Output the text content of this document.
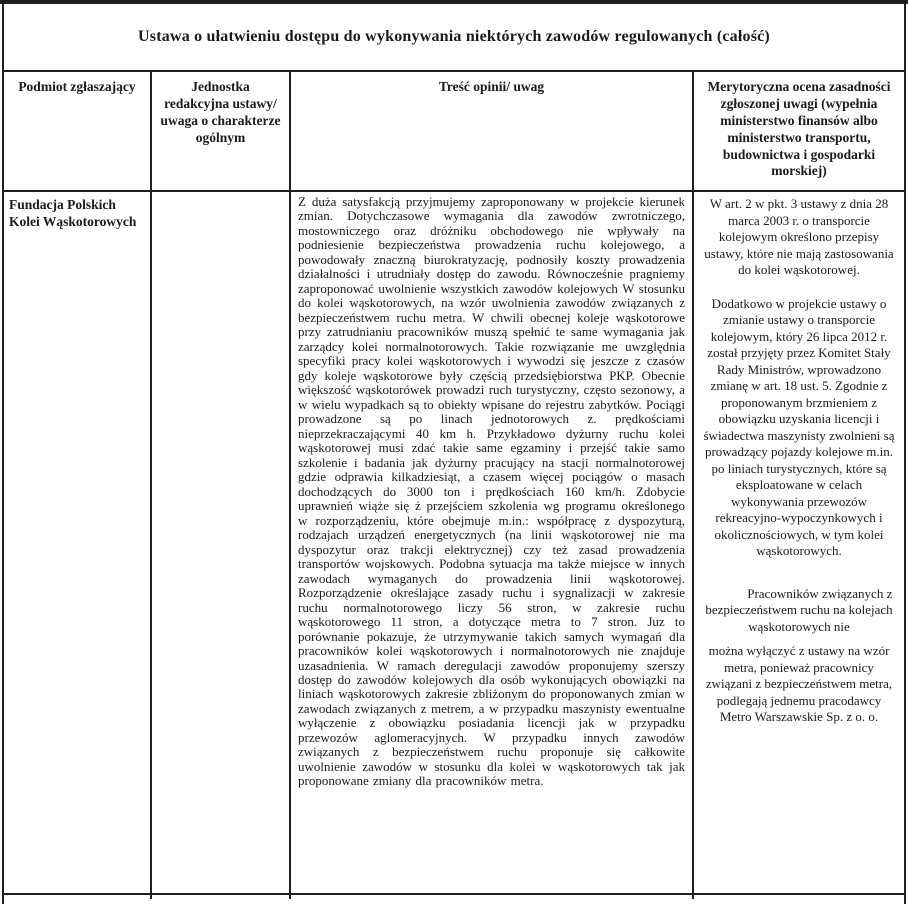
Ustawa o ułatwieniu dostępu do wykonywania niektórych zawodów regulowanych (całość)
Podmiot zgłaszający	Jednostka redakcyjna ustawy/ uwaga o charakterze ogólnym
Treść opinii/ uwag	Merytoryczna ocena zasadności zgłoszonej uwagi (wypełnia ministerstwo finansów albo ministerstwo transportu, budownictwa i gospodarki morskiej)
Fundacja Polskich Kolei Wąskotorowych
Z duża satysfakcją przyjmujemy zaproponowany w projekcie kierunek zmian. Dotychczasowe wymagania dla zawodów zwrotniczego, mostowniczego oraz dróżniku obchodowego nie wpływały na podniesienie bezpieczeństwa prowadzenia ruchu kolejowego, a powodowały znaczną biurokratyzację, podnosiły koszty prowadzenia działalności i utrudniały dostęp do zawodu. Równocześnie pragniemy zaproponować uwolnienie wszystkich zawodów kolejowych W stosunku do kolei wąskotorowych, na wzór uwolnienia zawodów związanych z bezpieczeństwem ruchu metra. W chwili obecnej koleje wąskotorowe przy zatrudnianiu pracowników muszą spełnić te same wymagania jak zarządcy kolei normalnotorowych. Takie rozwiązanie me uwzględnia specyfiki pracy kolei wąskotorowych i wywodzi się jeszcze z czasów gdy koleje wąskotorowe były częścią przedsiębiorstwa PKP. Obecnie większość wąskotorówek prowadzi ruch turystyczny, często sezonowy, a w wielu wypadkach są to obiekty wpisane do rejestru zabytków. Pociągi prowadzone są po linach jednotorowych z. prędkościami nieprzekraczającymi 40 km h. Przykładowo dyżurny ruchu kolei wąskotorowej musi zdać takie same egzaminy i przejść takie samo szkolenie i badania jak dyżurny pracujący na stacji normalnotorowej gdzie odprawia kilkadziesiąt, a czasem więcej pociągów o masach dochodzących do 3000 ton i prędkościach 160 km/h. Zdobycie uprawnień wiąże się ż przejściem szkolenia wg programu określonego w rozporządzeniu, które obejmuje m.in.: współpracę z dyspozyturą, rodzajach urządzeń energetycznych (na linii wąskotorowej nie ma dyspozytur oraz trakcji elektrycznej) czy też zasad prowadzenia transportów wojskowych. Podobna sytuacja ma także miejsce w innych zawodach wymaganych do prowadzenia linii wąskotorowej. Rozporządzenie określające zasady ruchu i sygnalizacji w zakresie ruchu normalnotorowego liczy 56 stron, w zakresie ruchu wąskotorowego 11 stron, a dotyczące metra to 7 stron. Juz to porównanie pokazuje, że utrzymywanie takich samych wymagań dla pracowników kolei wąskotorowych i normalnotorowych nie znajduje uzasadnienia. W ramach deregulacji zawodów proponujemy szerszy dostęp do zawodów kolejowych dla osób wykonujących obowiązki na liniach wąskotorowych zakresie zbliżonym do proponowanych zmian w zawodach związanych z metrem, a w przypadku maszynisty ewentualne wyłączenie z obowiązku posiadania licencji jak w przypadku przewozów aglomeracyjnych. W przypadku innych zawodów związanych z bezpieczeństwem ruchu proponuje się całkowite uwolnienie zawodów w stosunku dla kolei w wąskotorowych tak jak proponowane zmiany dla pracowników metra.

W art. 2 w pkt. 3 ustawy z dnia 28 marca 2003 r. o transporcie kolejowym określono przepisy ustawy, które nie mają zastosowania do kolei wąskotorowej.

Dodatkowo w projekcie ustawy o zmianie ustawy o transporcie kolejowym, który 26 lipca 2012 r. został przyjęty przez Komitet Stały Rady Ministrów, wprowadzono zmianę w art. 18 ust. 5. Zgodnie z proponowanym brzmieniem z obowiązku uzyskania licencji i świadectwa maszynisty zwolnieni są prowadzący pojazdy kolejowe m.in. po liniach turystycznych, które są eksploatowane w celach wykonywania przewozów rekreacyjno-wypoczynkowych i okolicznościowych, w tym kolei wąskotorowych.

Pracowników związanych z bezpieczeństwem ruchu na kolejach wąskotorowych nie

można wyłączyć z ustawy na wzór metra, ponieważ pracownicy związani z bezpieczeństwem metra, podlegają jednemu pracodawcy Metro Warszawskie Sp. z o. o.
